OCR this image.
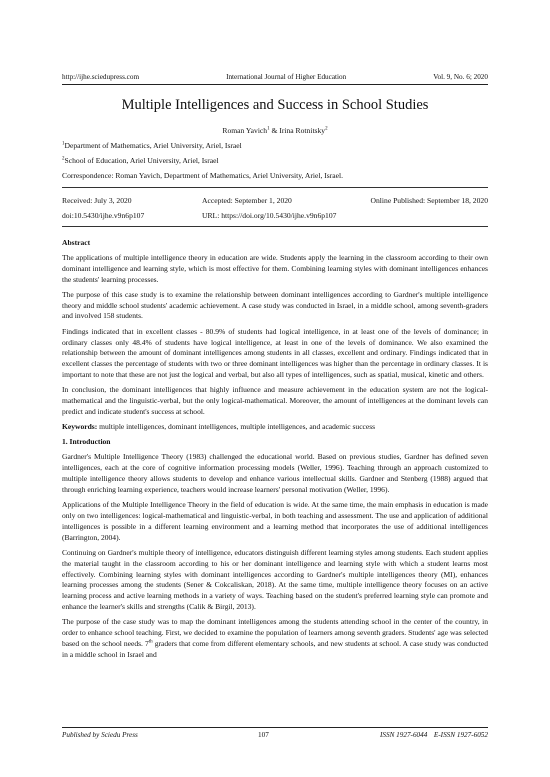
http://ijhe.sciedupress.com	International Journal of Higher Education	Vol. 9, No. 6; 2020
Multiple Intelligences and Success in School Studies
Roman Yavich$^1$ & Irina Rotnitsky$^2$
$^1$Department of Mathematics, Ariel University, Ariel, Israel
$^2$School of Education, Ariel University, Ariel, Israel
Correspondence: Roman Yavich, Department of Mathematics, Ariel University, Ariel, Israel.
Received: July 3, 2020	Accepted: September 1, 2020	Online Published: September 18, 2020
doi:10.5430/ijhe.v9n6p107	URL: https://doi.org/10.5430/ijhe.v9n6p107

Abstract

The applications of multiple intelligence theory in education are wide. Students apply the learning in the classroom according to their own dominant intelligence and learning style, which is most effective for them. Combining learning styles with dominant intelligences enhances the students' learning processes.

The purpose of this case study is to examine the relationship between dominant intelligences according to Gardner's multiple intelligence theory and middle school students' academic achievement. A case study was conducted in Israel, in a middle school, among seventh-graders and involved 158 students.

Findings indicated that in excellent classes - 80.9% of students had logical intelligence, in at least one of the levels of dominance; in ordinary classes only 48.4% of students have logical intelligence, at least in one of the levels of dominance. We also examined the relationship between the amount of dominant intelligences among students in all classes, excellent and ordinary. Findings indicated that in excellent classes the percentage of students with two or three dominant intelligences was higher than the percentage in ordinary classes. It is important to note that these are not just the logical and verbal, but also all types of intelligences, such as spatial, musical, kinetic and others.

In conclusion, the dominant intelligences that highly influence and measure achievement in the education system are not the logical-mathematical and the linguistic-verbal, but the only logical-mathematical. Moreover, the amount of intelligences at the dominant levels can predict and indicate student's success at school.

Keywords: multiple intelligences, dominant intelligences, multiple intelligences, and academic success

1. Introduction

Gardner's Multiple Intelligence Theory (1983) challenged the educational world. Based on previous studies, Gardner has defined seven intelligences, each at the core of cognitive information processing models (Weller, 1996). Teaching through an approach customized to multiple intelligence theory allows students to develop and enhance various intellectual skills. Gardner and Stenberg (1988) argued that through enriching learning experience, teachers would increase learners' personal motivation (Weller, 1996).

Applications of the Multiple Intelligence Theory in the field of education is wide. At the same time, the main emphasis in education is made only on two intelligences: logical-mathematical and linguistic-verbal, in both teaching and assessment. The use and application of additional intelligences is possible in a different learning environment and a learning method that incorporates the use of additional intelligences (Barrington, 2004).

Continuing on Gardner's multiple theory of intelligence, educators distinguish different learning styles among students. Each student applies the material taught in the classroom according to his or her dominant intelligence and learning style with which a student learns most effectively. Combining learning styles with dominant intelligences according to Gardner's multiple intelligences theory (MI), enhances learning processes among the students (Sener & Cokcaliskan, 2018). At the same time, multiple intelligence theory focuses on an active learning process and active learning methods in a variety of ways. Teaching based on the student's preferred learning style can promote and enhance the learner's skills and strengths (Calik & Birgil, 2013).

The purpose of the case study was to map the dominant intelligences among the students attending school in the center of the country, in order to enhance school teaching. First, we decided to examine the population of learners among seventh graders. Students' age was selected based on the school needs. 7th graders that come from different elementary schools, and new students at school. A case study was conducted in a middle school in Israel and

Published by Sciedu Press	107	ISSN 1927-6044 E-ISSN 1927-6052
